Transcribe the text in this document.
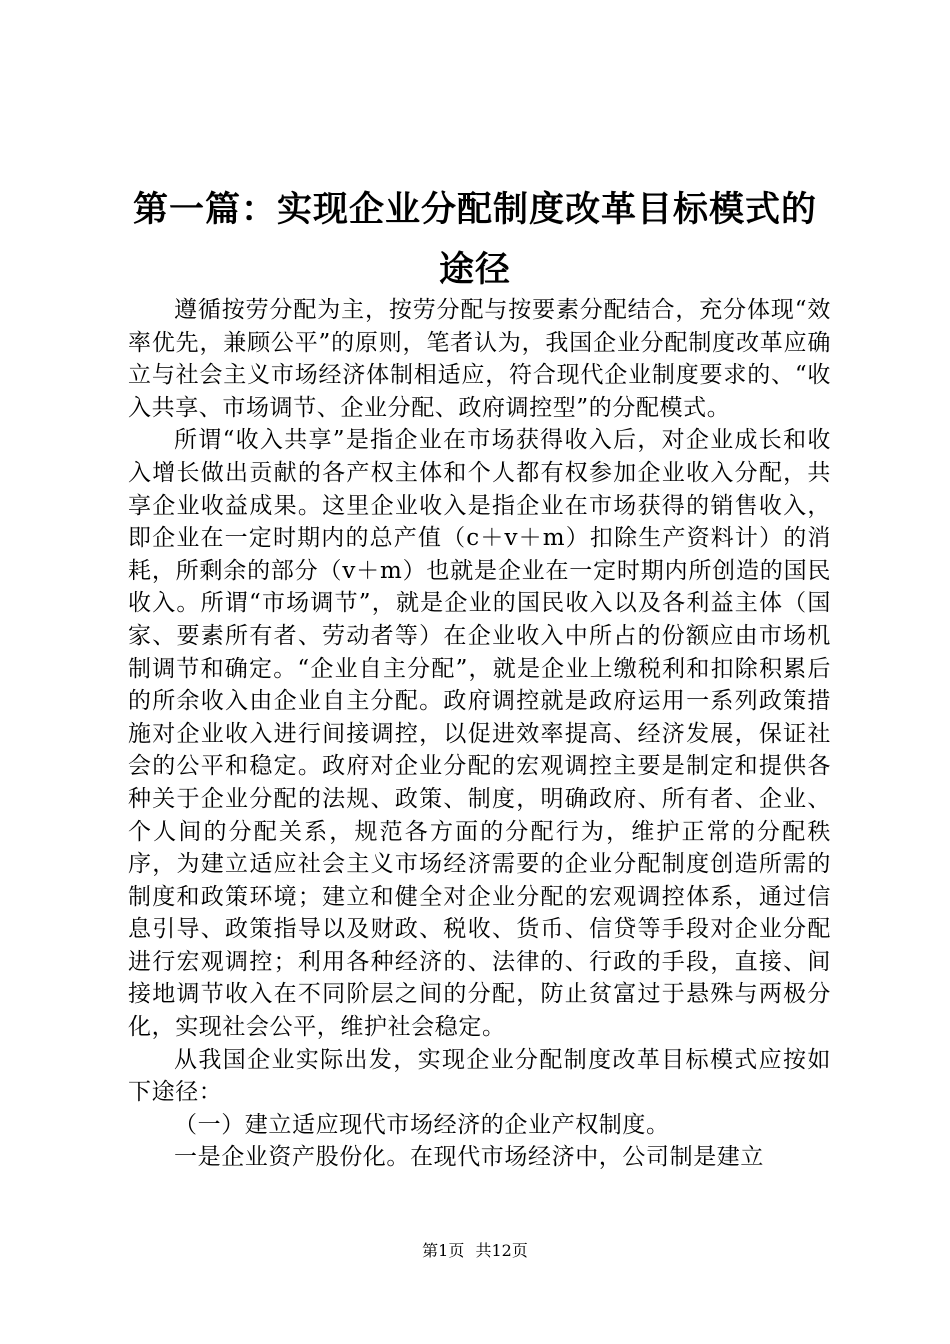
第一篇：实现企业分配制度改革目标模式的途径

遵循按劳分配为主，按劳分配与按要素分配结合，充分体现“效率优先，兼顾公平”的原则，笔者认为，我国企业分配制度改革应确立与社会主义市场经济体制相适应，符合现代企业制度要求的、“收入共享、市场调节、企业分配、政府调控型”的分配模式。

所谓“收入共享”是指企业在市场获得收入后，对企业成长和收入增长做出贡献的各产权主体和个人都有权参加企业收入分配，共享企业收益成果。这里企业收入是指企业在市场获得的销售收入，即企业在一定时期内的总产值（c＋v＋m）扣除生产资料计）的消耗，所剩余的部分（v＋m）也就是企业在一定时期内所创造的国民收入。所谓“市场调节”，就是企业的国民收入以及各利益主体（国家、要素所有者、劳动者等）在企业收入中所占的份额应由市场机制调节和确定。“企业自主分配”，就是企业上缴税利和扣除积累后的所余收入由企业自主分配。政府调控就是政府运用一系列政策措施对企业收入进行间接调控，以促进效率提高、经济发展，保证社会的公平和稳定。政府对企业分配的宏观调控主要是制定和提供各种关于企业分配的法规、政策、制度，明确政府、所有者、企业、个人间的分配关系，规范各方面的分配行为，维护正常的分配秩序，为建立适应社会主义市场经济需要的企业分配制度创造所需的制度和政策环境；建立和健全对企业分配的宏观调控体系，通过信息引导、政策指导以及财政、税收、货币、信贷等手段对企业分配进行宏观调控；利用各种经济的、法律的、行政的手段，直接、间接地调节收入在不同阶层之间的分配，防止贫富过于悬殊与两极分化，实现社会公平，维护社会稳定。

从我国企业实际出发，实现企业分配制度改革目标模式应按如下途径：

（一）建立适应现代市场经济的企业产权制度。

一是企业资产股份化。在现代市场经济中，公司制是建立

第1页 共12页
